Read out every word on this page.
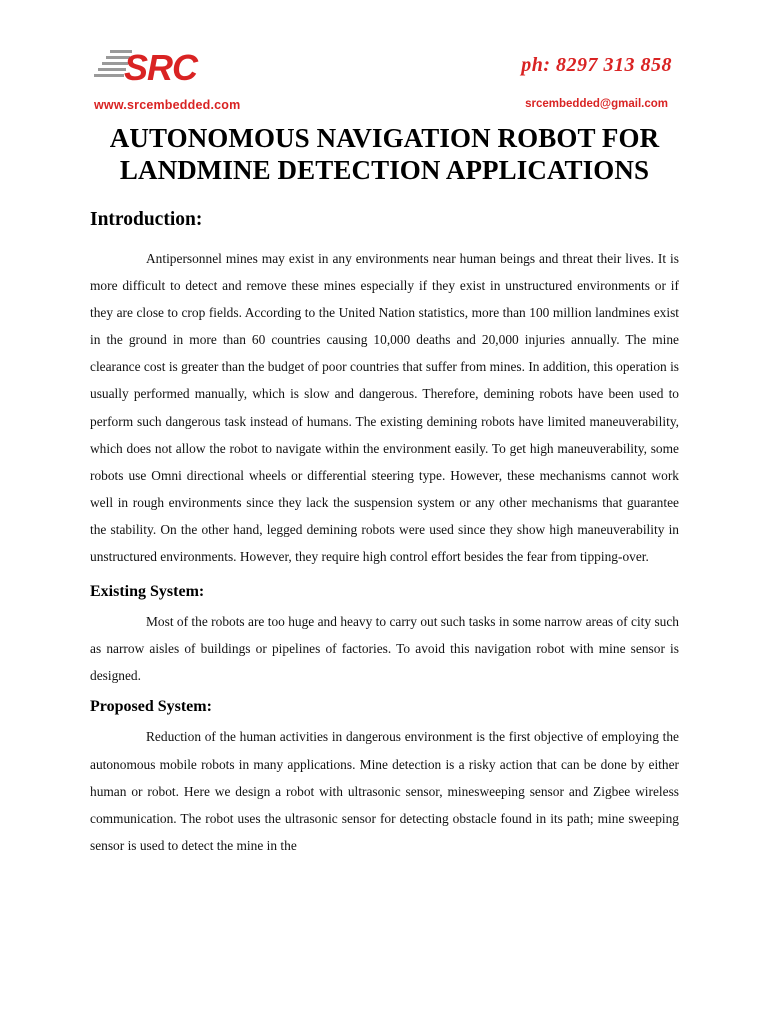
SRC
www.srcembedded.com
ph: 8297 313 858
srcembedded@gmail.com
AUTONOMOUS NAVIGATION ROBOT FOR
LANDMINE DETECTION APPLICATIONS
Introduction:

Antipersonnel mines may exist in any environments near human beings and threat their lives. It is more difficult to detect and remove these mines especially if they exist in unstructured environments or if they are close to crop fields. According to the United Nation statistics, more than 100 million landmines exist in the ground in more than 60 countries causing 10,000 deaths and 20,000 injuries annually. The mine clearance cost is greater than the budget of poor countries that suffer from mines. In addition, this operation is usually performed manually, which is slow and dangerous. Therefore, demining robots have been used to perform such dangerous task instead of humans. The existing demining robots have limited maneuverability, which does not allow the robot to navigate within the environment easily. To get high maneuverability, some robots use Omni directional wheels or differential steering type. However, these mechanisms cannot work well in rough environments since they lack the suspension system or any other mechanisms that guarantee the stability. On the other hand, legged demining robots were used since they show high maneuverability in unstructured environments. However, they require high control effort besides the fear from tipping-over.

Existing System:

Most of the robots are too huge and heavy to carry out such tasks in some narrow areas of city such as narrow aisles of buildings or pipelines of factories. To avoid this navigation robot with mine sensor is designed.

Proposed System:

Reduction of the human activities in dangerous environment is the first objective of employing the autonomous mobile robots in many applications. Mine detection is a risky action that can be done by either human or robot. Here we design a robot with ultrasonic sensor, minesweeping sensor and Zigbee wireless communication. The robot uses the ultrasonic sensor for detecting obstacle found in its path; mine sweeping sensor is used to detect the mine in the
